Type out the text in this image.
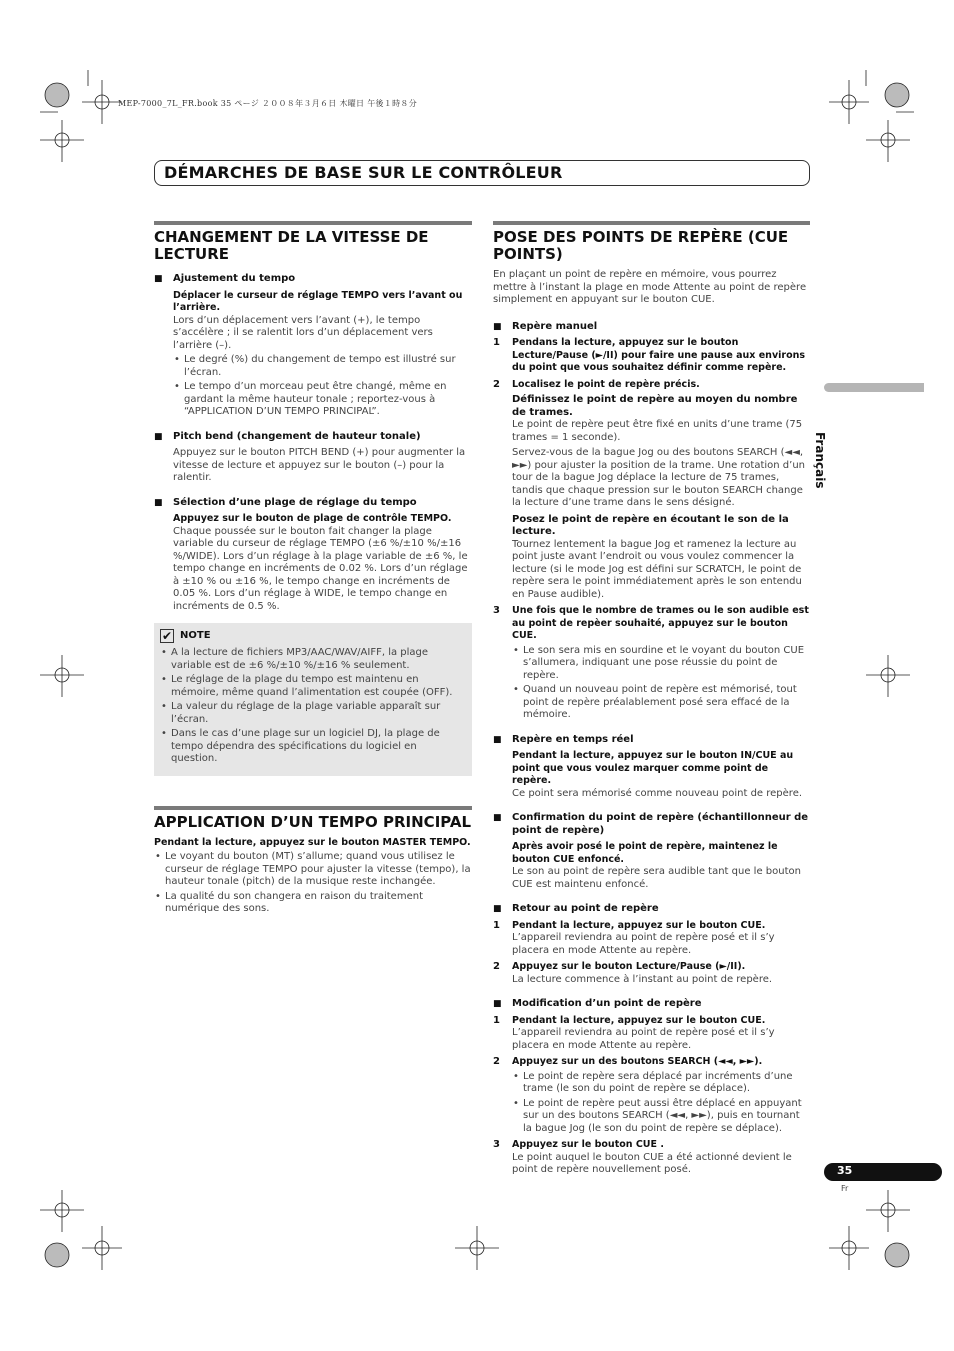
MEP-7000_7L_FR.book 35 ページ ２００８年３月６日 木曜日 午後１時８分
DÉMARCHES DE BASE SUR LE CONTRÔLEUR
Français
CHANGEMENT DE LA VITESSE DE LECTURE
■ Ajustement du tempo
Déplacer le curseur de réglage TEMPO vers l’avant ou l’arrière.
Lors d’un déplacement vers l’avant (+), le tempo s’accélère ; il se ralentit lors d’un déplacement vers l’arrière (–).
• Le degré (%) du changement de tempo est illustré sur l’écran.
• Le tempo d’un morceau peut être changé, même en gardant la même hauteur tonale ; reportez-vous à “APPLICATION D’UN TEMPO PRINCIPAL”.
■ Pitch bend (changement de hauteur tonale)
Appuyez sur le bouton PITCH BEND (+) pour augmenter la vitesse de lecture et appuyez sur le bouton (–) pour la ralentir.
■ Sélection d’une plage de réglage du tempo
Appuyez sur le bouton de plage de contrôle TEMPO.
Chaque poussée sur le bouton fait changer la plage variable du curseur de réglage TEMPO (±6 %/±10 %/±16 %/WIDE). Lors d’un réglage à la plage variable de ±6 %, le tempo change en incréments de 0.02 %. Lors d’un réglage à ±10 % ou ±16 %, le tempo change en incréments de 0.05 %. Lors d’un réglage à WIDE, le tempo change en incréments de 0.5 %.
✔ NOTE
• A la lecture de fichiers MP3/AAC/WAV/AIFF, la plage variable est de ±6 %/±10 %/±16 % seulement.
• Le réglage de la plage du tempo est maintenu en mémoire, même quand l’alimentation est coupée (OFF).
• La valeur du réglage de la plage variable apparaît sur l’écran.
• Dans le cas d’une plage sur un logiciel DJ, la plage de tempo dépendra des spécifications du logiciel en question.
APPLICATION D’UN TEMPO PRINCIPAL
Pendant la lecture, appuyez sur le bouton MASTER TEMPO.
• Le voyant du bouton (MT) s’allume; quand vous utilisez le curseur de réglage TEMPO pour ajuster la vitesse (tempo), la hauteur tonale (pitch) de la musique reste inchangée.
• La qualité du son changera en raison du traitement numérique des sons.
POSE DES POINTS DE REPÈRE (CUE POINTS)
En plaçant un point de repère en mémoire, vous pourrez mettre à l’instant la plage en mode Attente au point de repère simplement en appuyant sur le bouton CUE.
■ Repère manuel
1	Pendans la lecture, appuyez sur le bouton Lecture/Pause (►/II) pour faire une pause aux environs du point que vous souhaitez définir comme repère.
2	Localisez le point de repère précis.
Définissez le point de repère au moyen du nombre de trames.
Le point de repère peut être fixé en units d’une trame (75 trames = 1 seconde).
Servez-vous de la bague Jog ou des boutons SEARCH (◄◄, ►►) pour ajuster la position de la trame. Une rotation d’un tour de la bague Jog déplace la lecture de 75 trames, tandis que chaque pression sur le bouton SEARCH change la lecture d’une trame dans le sens désigné.
Posez le point de repère en écoutant le son de la lecture.
Tournez lentement la bague Jog et ramenez la lecture au point juste avant l’endroit ou vous voulez commencer la lecture (si le mode Jog est défini sur SCRATCH, le point de repère sera le point immédiatement après le son entendu en Pause audible).
3	Une fois que le nombre de trames ou le son audible est au point de repèer souhaité, appuyez sur le bouton CUE.
• Le son sera mis en sourdine et le voyant du bouton CUE s’allumera, indiquant une pose réussie du point de repère.
• Quand un nouveau point de repère est mémorisé, tout point de repère préalablement posé sera effacé de la mémoire.
■ Repère en temps réel
Pendant la lecture, appuyez sur le bouton IN/CUE au point que vous voulez marquer comme point de repère.
Ce point sera mémorisé comme nouveau point de repère.
■ Confirmation du point de repère (échantillonneur de point de repère)
Après avoir posé le point de repère, maintenez le bouton CUE enfoncé.
Le son au point de repère sera audible tant que le bouton CUE est maintenu enfoncé.
■ Retour au point de repère
1	Pendant la lecture, appuyez sur le bouton CUE.
L’appareil reviendra au point de repère posé et il s’y placera en mode Attente au repère.
2	Appuyez sur le bouton Lecture/Pause (►/II).
La lecture commence à l’instant au point de repère.
■ Modification d’un point de repère
1	Pendant la lecture, appuyez sur le bouton CUE.
L’appareil reviendra au point de repère posé et il s’y placera en mode Attente au repère.
2	Appuyez sur un des boutons SEARCH (◄◄, ►►).
• Le point de repère sera déplacé par incréments d’une trame (le son du point de repère se déplace).
• Le point de repère peut aussi être déplacé en appuyant sur un des boutons SEARCH (◄◄, ►►), puis en tournant la bague Jog (le son du point de repère se déplace).
3	Appuyez sur le bouton CUE .
Le point auquel le bouton CUE a été actionné devient le point de repère nouvellement posé.	35
Fr
